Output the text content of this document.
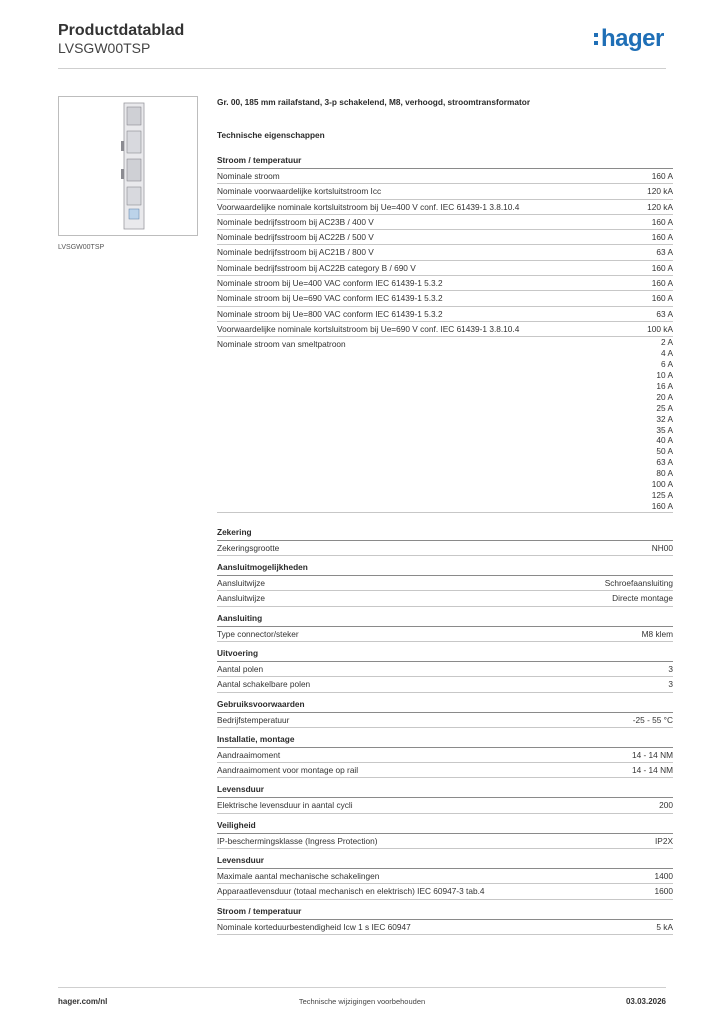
Productdatablad
LVSGW00TSP	hager
LVSGW00TSP
Gr. 00, 185 mm railafstand, 3-p schakelend, M8, verhoogd, stroomtransformator
Technische eigenschappen
Stroom / temperatuur
Nominale stroom	160 A
Nominale voorwaardelijke kortsluitstroom Icc	120 kA
Voorwaardelijke nominale kortsluitstroom bij Ue=400 V conf. IEC 61439-1 3.8.10.4	120 kA
Nominale bedrijfsstroom bij AC23B / 400 V	160 A
Nominale bedrijfsstroom bij AC22B / 500 V	160 A
Nominale bedrijfsstroom bij AC21B / 800 V	63 A
Nominale bedrijfsstroom bij AC22B category B / 690 V	160 A
Nominale stroom bij Ue=400 VAC conform IEC 61439-1 5.3.2	160 A
Nominale stroom bij Ue=690 VAC conform IEC 61439-1 5.3.2	160 A
Nominale stroom bij Ue=800 VAC conform IEC 61439-1 5.3.2	63 A
Voorwaardelijke nominale kortsluitstroom bij Ue=690 V conf. IEC 61439-1 3.8.10.4	100 kA
Nominale stroom van smeltpatroon	2 A
4 A
6 A
10 A
16 A
20 A
25 A
32 A
35 A
40 A
50 A
63 A
80 A
100 A
125 A
160 A
Zekering
Zekeringsgrootte	NH00
Aansluitmogelijkheden
Aansluitwijze	Schroefaansluiting
Aansluitwijze	Directe montage
Aansluiting
Type connector/steker	M8 klem
Uitvoering
Aantal polen	3
Aantal schakelbare polen	3
Gebruiksvoorwaarden
Bedrijfstemperatuur	-25 - 55 °C
Installatie, montage
Aandraaimoment	14 - 14 NM
Aandraaimoment voor montage op rail	14 - 14 NM
Levensduur
Elektrische levensduur in aantal cycli	200
Veiligheid
IP-beschermingsklasse (Ingress Protection)	IP2X
Levensduur
Maximale aantal mechanische schakelingen	1400
Apparaatlevensduur (totaal mechanisch en elektrisch) IEC 60947-3 tab.4	1600
Stroom / temperatuur
Nominale korteduurbestendigheid Icw 1 s IEC 60947	5 kA
hager.com/nl	Technische wijzigingen voorbehouden	03.03.2026
